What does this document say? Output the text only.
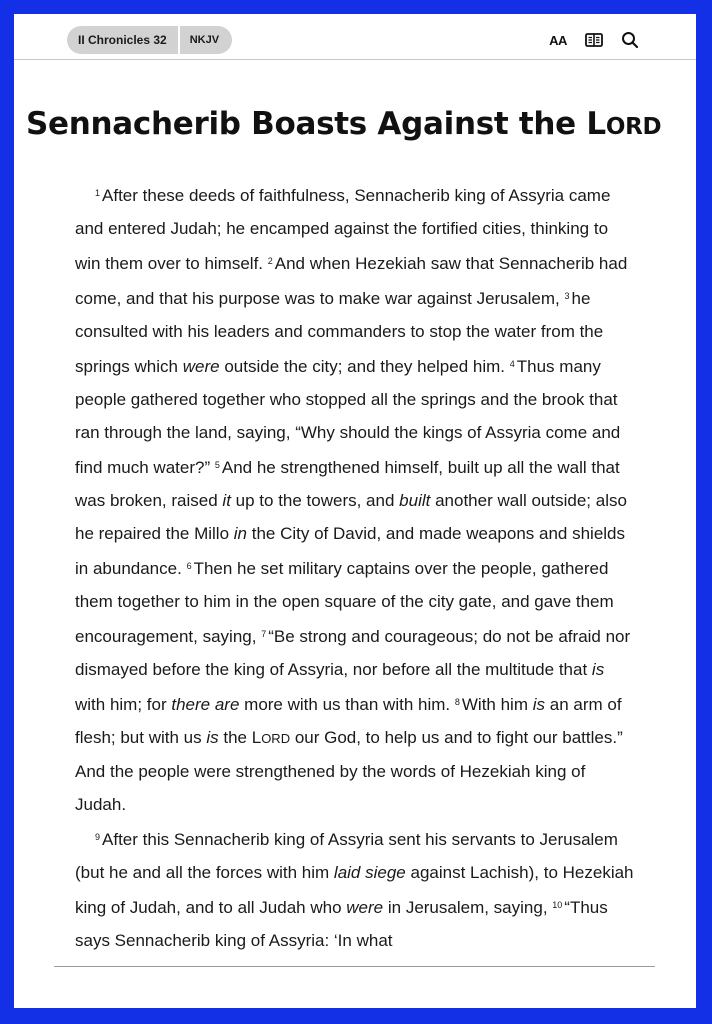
II Chronicles 32	NKJV	AA
Sennacherib Boasts Against the LORD

$^1$ After these deeds of faithfulness, Sennacherib king of Assyria came and entered Judah; he encamped against the fortified cities, thinking to win them over to himself. $^2$ And when Hezekiah saw that Sennacherib had come, and that his purpose was to make war against Jerusalem, $^3$ he consulted with his leaders and commanders to stop the water from the springs which were outside the city; and they helped him. $^4$ Thus many people gathered together who stopped all the springs and the brook that ran through the land, saying, “Why should the kings of Assyria come and find much water?” $^5$ And he strengthened himself, built up all the wall that was broken, raised it up to the towers, and built another wall outside; also he repaired the Millo in the City of David, and made weapons and shields in abundance. $^6$ Then he set military captains over the people, gathered them together to him in the open square of the city gate, and gave them encouragement, saying, $^7$ “Be strong and courageous; do not be afraid nor dismayed before the king of Assyria, nor before all the multitude that is with him; for there are more with us than with him. $^8$ With him is an arm of flesh; but with us is the LORD our God, to help us and to fight our battles.” And the people were strengthened by the words of Hezekiah king of Judah.

$^9$ After this Sennacherib king of Assyria sent his servants to Jerusalem (but he and all the forces with him laid siege against Lachish), to Hezekiah king of Judah, and to all Judah who were in Jerusalem, saying, $^{10}$ “Thus says Sennacherib king of Assyria: ‘In what
